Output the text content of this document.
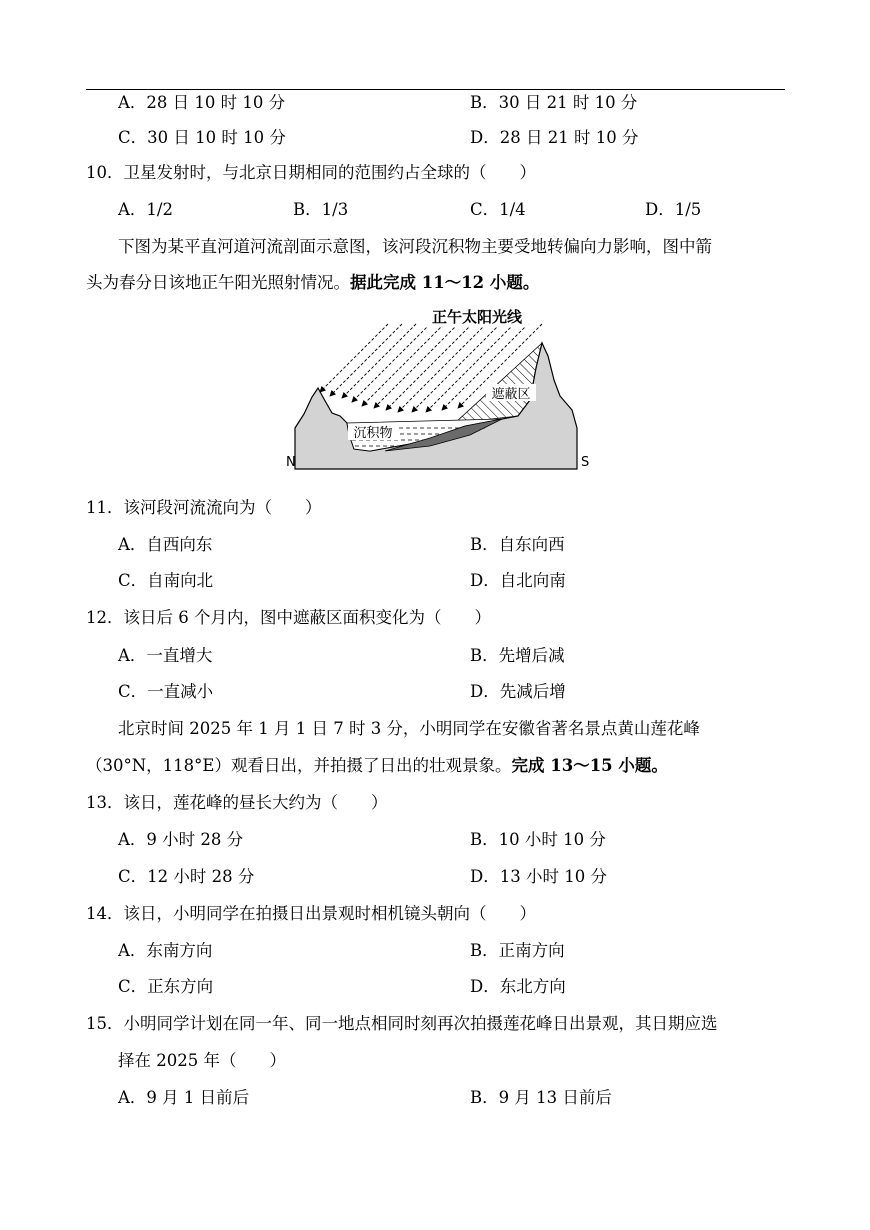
A．28 日 10 时 10 分	B．30 日 21 时 10 分
C．30 日 10 时 10 分	D．28 日 21 时 10 分
10．卫星发射时，与北京日期相同的范围约占全球的（　　）
A．1/2	B．1/3	C．1/4	D．1/5
下图为某平直河道河流剖面示意图，该河段沉积物主要受地转偏向力影响，图中箭
头为春分日该地正午阳光照射情况。据此完成 11～12 小题。
正午太阳光线
遮蔽区
沉积物
N	S
11．该河段河流流向为（　　）
A．自西向东	B．自东向西
C．自南向北	D．自北向南
12．该日后 6 个月内，图中遮蔽区面积变化为（　　）
A．一直增大	B．先增后减
C．一直减小	D．先减后增
北京时间 2025 年 1 月 1 日 7 时 3 分，小明同学在安徽省著名景点黄山莲花峰
（30°N，118°E）观看日出，并拍摄了日出的壮观景象。完成 13～15 小题。
13．该日，莲花峰的昼长大约为（　　）
A．9 小时 28 分	B．10 小时 10 分
C．12 小时 28 分	D．13 小时 10 分
14．该日，小明同学在拍摄日出景观时相机镜头朝向（　　）
A．东南方向	B．正南方向
C．正东方向	D．东北方向
15．小明同学计划在同一年、同一地点相同时刻再次拍摄莲花峰日出景观，其日期应选
择在 2025 年（　　）
A．9 月 1 日前后	B．9 月 13 日前后
